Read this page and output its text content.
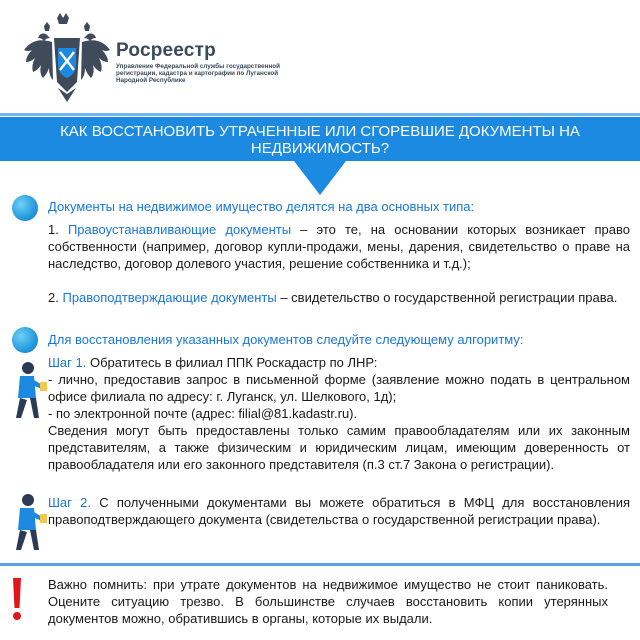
Росреестр
Управление Федеральной службы государственной регистрации, кадастра и картографии по Луганской Народной Республике
КАК ВОССТАНОВИТЬ УТРАЧЕННЫЕ ИЛИ СГОРЕВШИЕ ДОКУМЕНТЫ НА НЕДВИЖИМОСТЬ?
Документы на недвижимое имущество делятся на два основных типа:
1. Правоустанавливающие документы – это те, на основании которых возникает право собственности (например, договор купли-продажи, мены, дарения, свидетельство о праве на наследство, договор долевого участия, решение собственника и т.д.);
2. Правоподтверждающие документы – свидетельство о государственной регистрации права.
Для восстановления указанных документов следуйте следующему алгоритму:
Шаг 1. Обратитесь в филиал ППК Роскадастр по ЛНР:
- лично, предоставив запрос в письменной форме (заявление можно подать в центральном офисе филиала по адресу: г. Луганск, ул. Шелкового, 1д);
- по электронной почте (адрес: filial@81.kadastr.ru).
Сведения могут быть предоставлены только самим правообладателям или их законным представителям, а также физическим и юридическим лицам, имеющим доверенность от правообладателя или его законного представителя (п.3 ст.7 Закона о регистрации).
Шаг 2. С полученными документами вы можете обратиться в МФЦ для восстановления правоподтверждающего документа (свидетельства о государственной регистрации права).
Важно помнить: при утрате документов на недвижимое имущество не стоит паниковать. Оцените ситуацию трезво. В большинстве случаев восстановить копии утерянных документов можно, обратившись в органы, которые их выдали.
